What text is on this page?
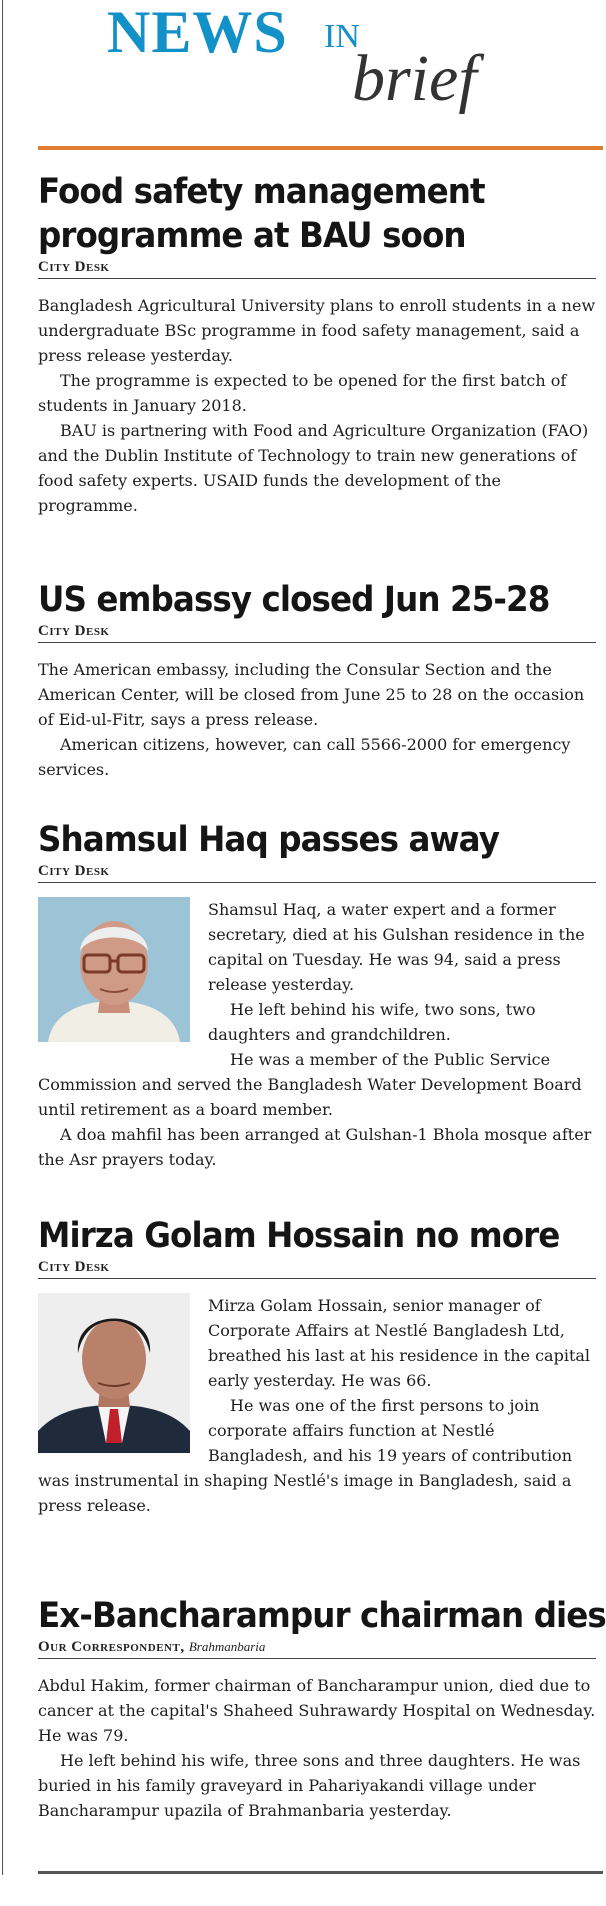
NEWS IN
brief
Food safety management
programme at BAU soon
City Desk

Bangladesh Agricultural University plans to enroll students in a new undergraduate BSc programme in food safety management, said a press release yesterday.

The programme is expected to be opened for the first batch of students in January 2018.

BAU is partnering with Food and Agriculture Organization (FAO) and the Dublin Institute of Technology to train new generations of food safety experts. USAID funds the development of the programme.

US embassy closed Jun 25-28
City Desk

The American embassy, including the Consular Section and the American Center, will be closed from June 25 to 28 on the occasion of Eid-ul-Fitr, says a press release.

American citizens, however, can call 5566-2000 for emergency services.

Shamsul Haq passes away
City Desk

Shamsul Haq, a water expert and a former secretary, died at his Gulshan residence in the capital on Tuesday. He was 94, said a press release yesterday.

He left behind his wife, two sons, two daughters and grandchildren.

He was a member of the Public Service Commission and served the Bangladesh Water Development Board until retirement as a board member.

A doa mahfil has been arranged at Gulshan-1 Bhola mosque after the Asr prayers today.

Mirza Golam Hossain no more
City Desk

Mirza Golam Hossain, senior manager of Corporate Affairs at Nestlé Bangladesh Ltd, breathed his last at his residence in the capital early yesterday. He was 66.

He was one of the first persons to join corporate affairs function at Nestlé Bangladesh, and his 19 years of contribution was instrumental in shaping Nestlé's image in Bangladesh, said a press release.

Ex-Bancharampur chairman dies
Our Correspondent, Brahmanbaria

Abdul Hakim, former chairman of Bancharampur union, died due to cancer at the capital's Shaheed Suhrawardy Hospital on Wednesday. He was 79.

He left behind his wife, three sons and three daughters. He was buried in his family graveyard in Pahariyakandi village under Bancharampur upazila of Brahmanbaria yesterday.
